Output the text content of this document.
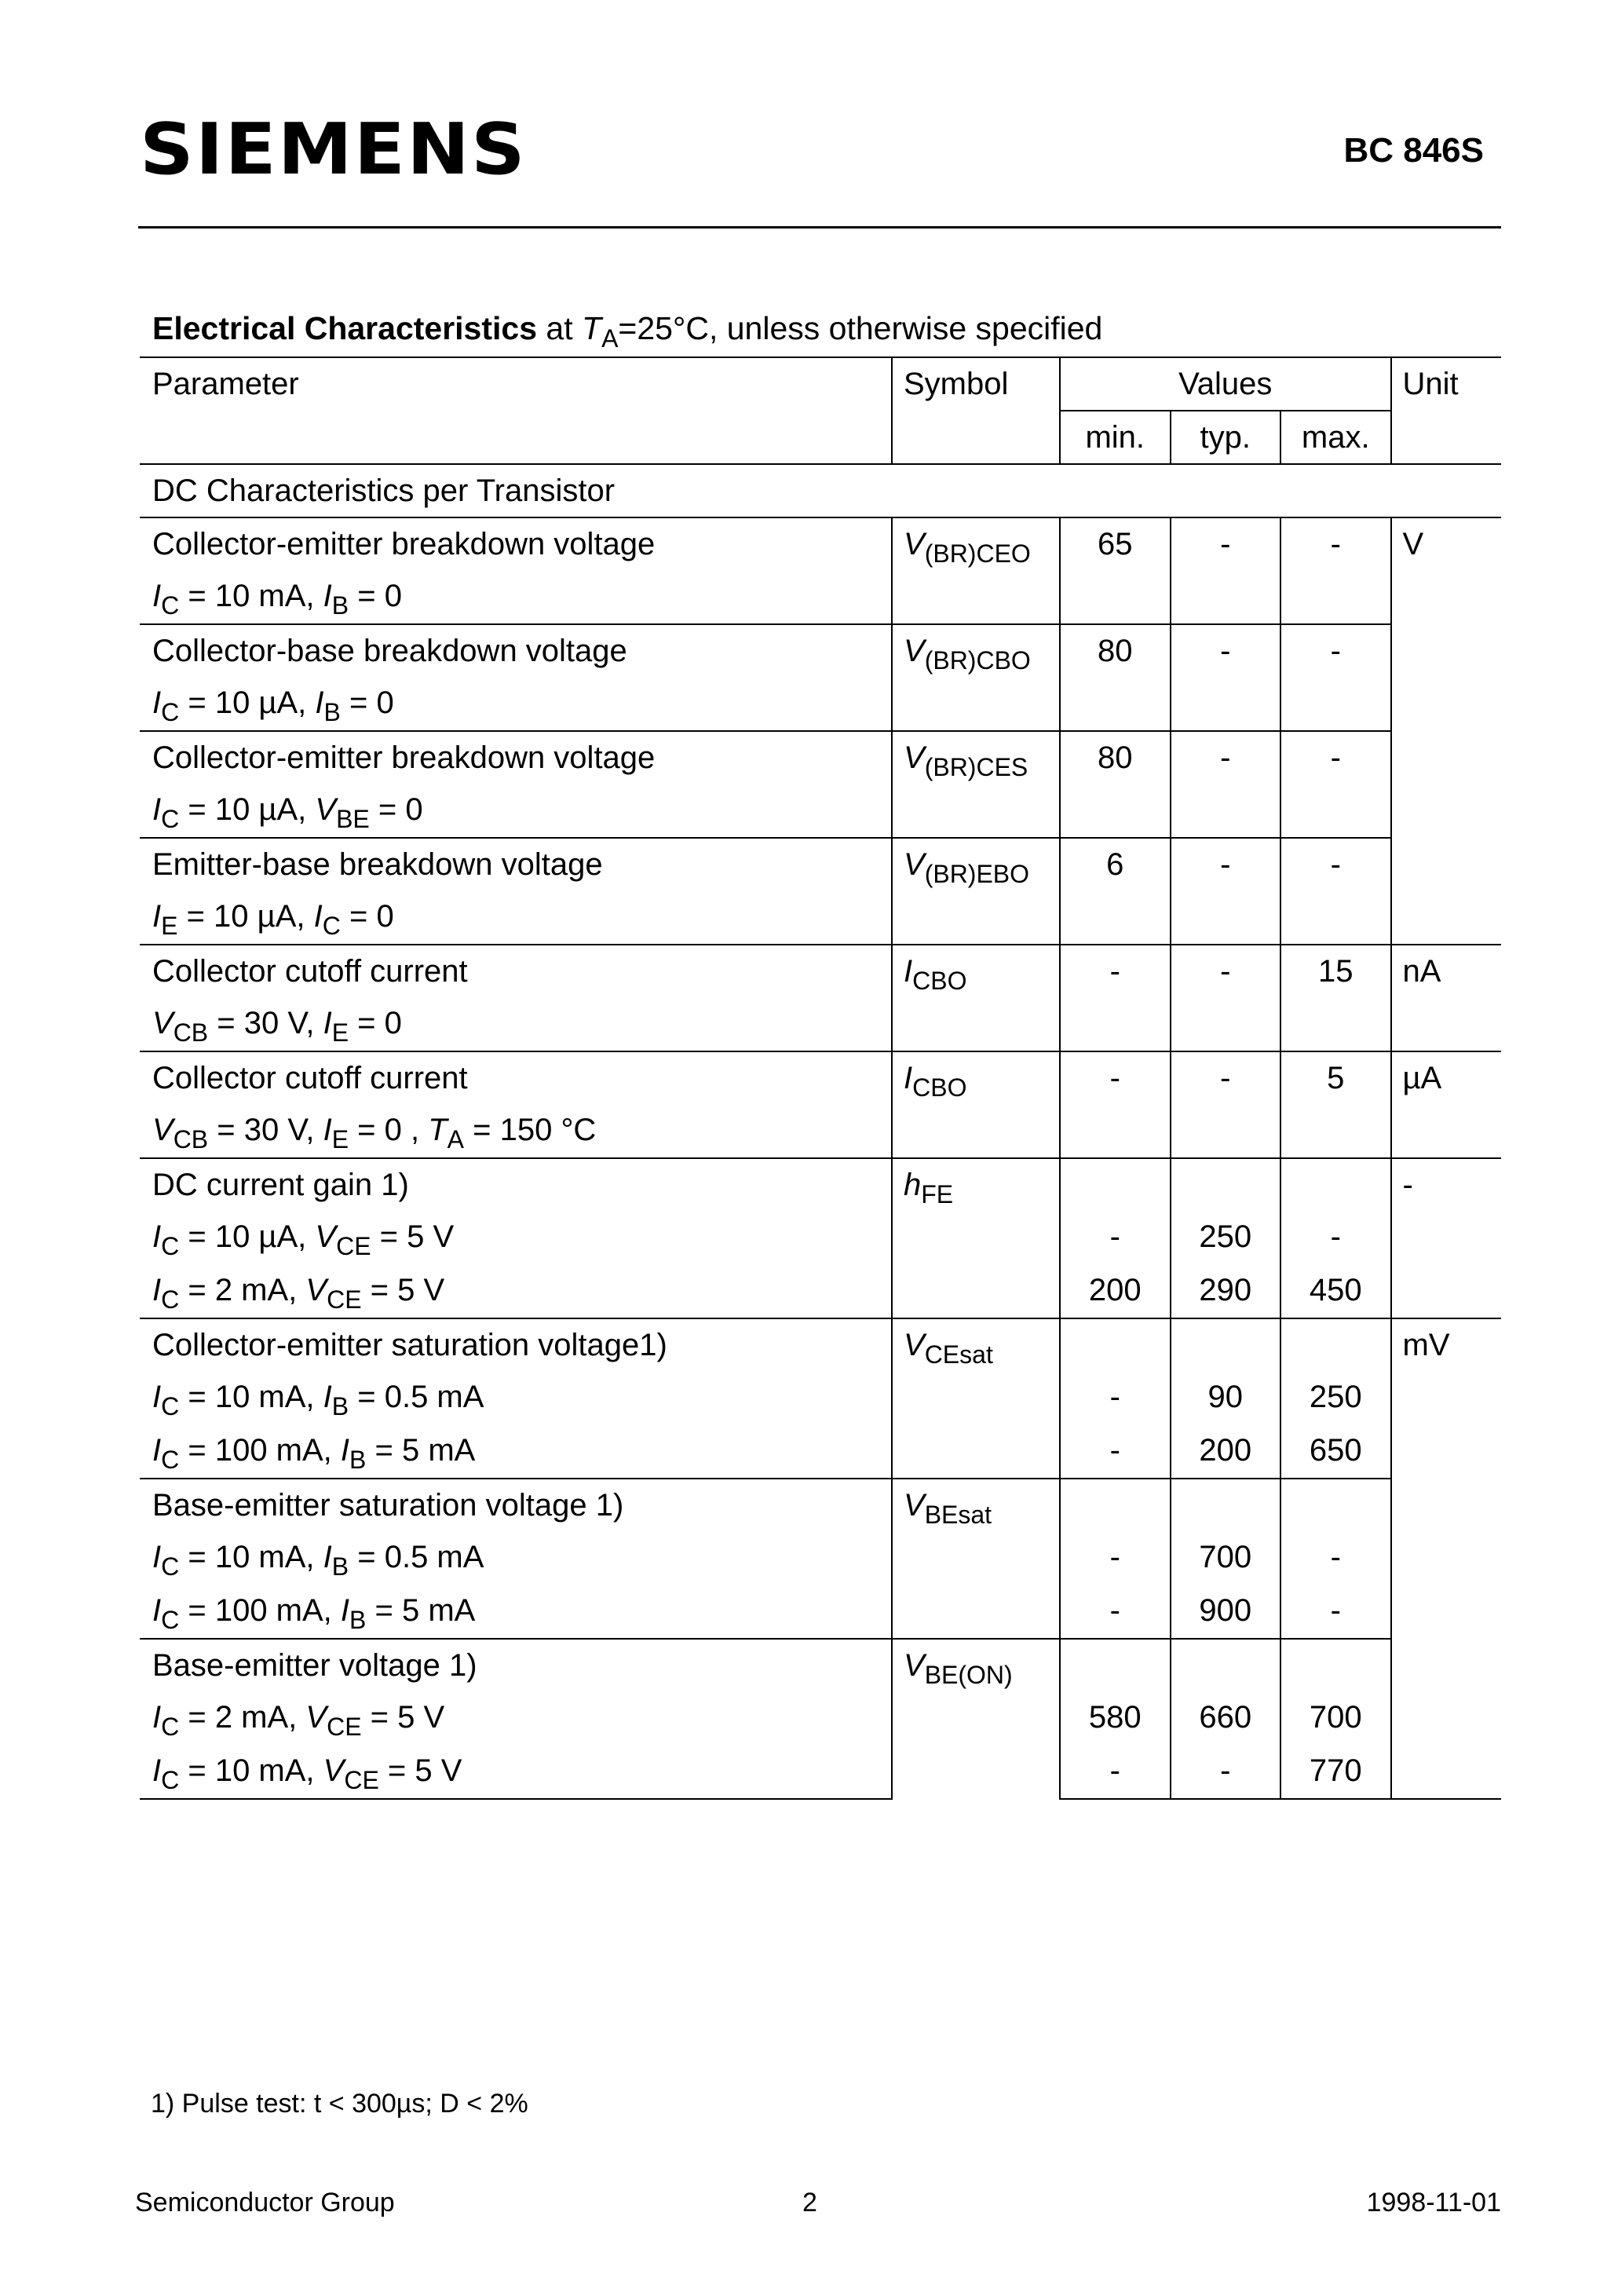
SIEMENS	BC 846S
Electrical Characteristics at $T_A=25^\circ C$, unless otherwise specified
Parameter	Symbol	Values			Unit
		min.	typ.	max.	
DC Characteristics per Transistor					
Collector-emitter breakdown voltage	$V_{(BR)CEO}$	65	-	-	V
$I_C = 10$ mA, $I_B = 0$					
Collector-base breakdown voltage	$V_{(BR)CBO}$	80	-	-	
$I_C = 10$ µA, $I_B = 0$					
Collector-emitter breakdown voltage	$V_{(BR)CES}$	80	-	-	
$I_C = 10$ µA, $V_{BE} = 0$					
Emitter-base breakdown voltage	$V_{(BR)EBO}$	6	-	-	
$I_E = 10$ µA, $I_C = 0$					
Collector cutoff current	$I_{CBO}$	-	-	15	nA
$V_{CB} = 30$ V, $I_E = 0$					
Collector cutoff current	$I_{CBO}$	-	-	5	µA
$V_{CB} = 30$ V, $I_E = 0$ , $T_A = 150$ °C					
DC current gain 1)	$h_{FE}$				-
$I_C = 10$ µA, $V_{CE} = 5$ V		-	250	-	
$I_C = 2$ mA, $V_{CE} = 5$ V		200	290	450	
Collector-emitter saturation voltage1)	$V_{CEsat}$				mV
$I_C = 10$ mA, $I_B = 0.5$ mA		-	90	250	
$I_C = 100$ mA, $I_B = 5$ mA		-	200	650	
Base-emitter saturation voltage 1)	$V_{BEsat}$			
$I_C = 10$ mA, $I_B = 0.5$ mA		-	700	-	
$I_C = 100$ mA, $I_B = 5$ mA		-	900	-	
Base-emitter voltage 1)	$V_{BE(ON)}$			
$I_C = 2$ mA, $V_{CE} = 5$ V		580	660	700	
$I_C = 10$ mA, $V_{CE} = 5$ V		-	-	770	
1) Pulse test: t < 300µs; D < 2%
Semiconductor Group	2	1998-11-01
